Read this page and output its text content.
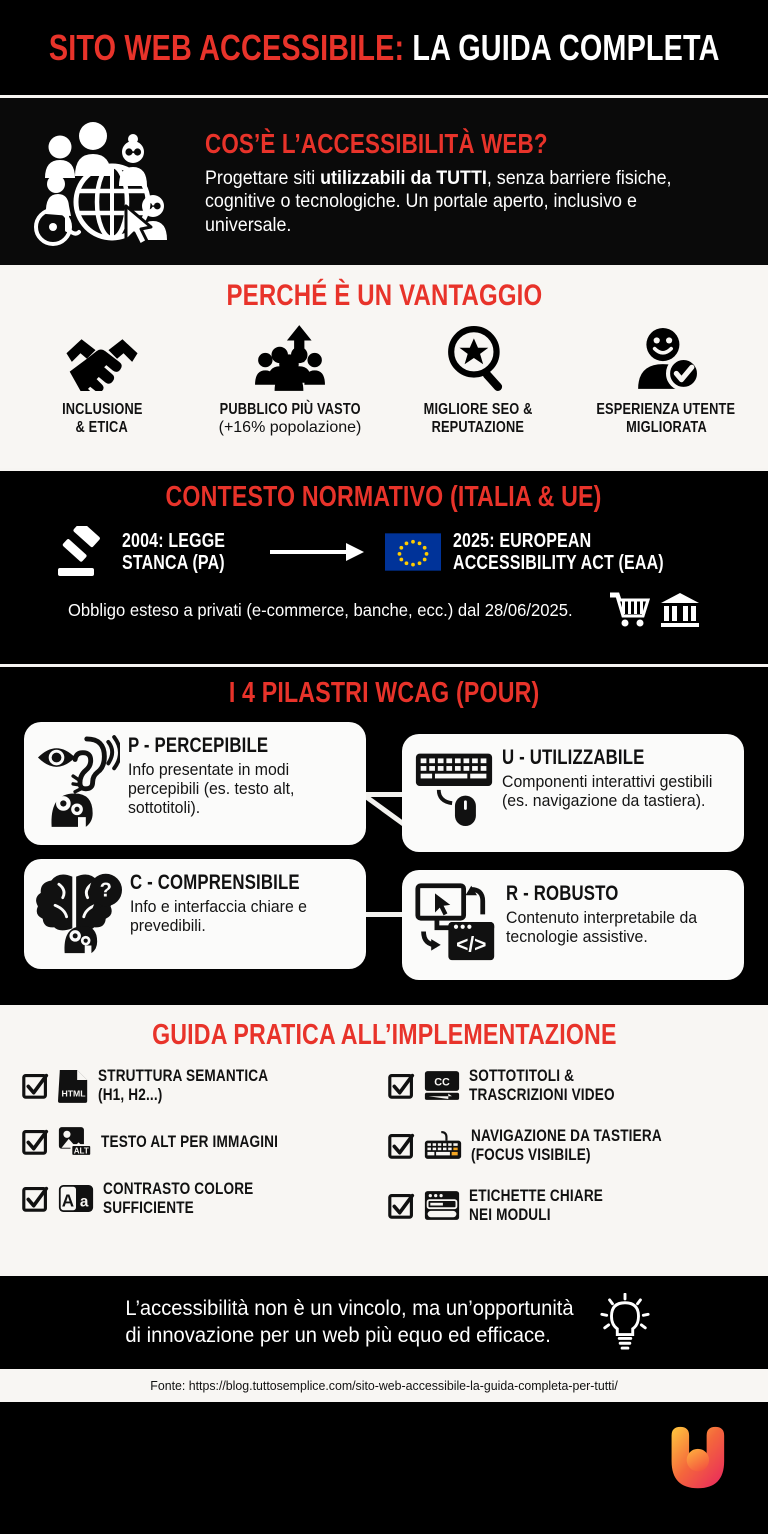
SITO WEB ACCESSIBILE: LA GUIDA COMPLETA
COS’È L’ACCESSIBILITÀ WEB?

Progettare siti utilizzabili da TUTTI, senza barriere fisiche, cognitive o tecnologiche. Un portale aperto, inclusivo e universale.

PERCHÉ È UN VANTAGGIO
INCLUSIONE
& ETICA
PUBBLICO PIÙ VASTO
(+16% popolazione)
MIGLIORE SEO &
REPUTAZIONE
ESPERIENZA UTENTE
MIGLIORATA
CONTESTO NORMATIVO (ITALIA & UE)
2004: LEGGE
STANCA (PA)
2025: EUROPEAN
ACCESSIBILITY ACT (EAA)
Obbligo esteso a privati (e-commerce, banche, ecc.) dal 28/06/2025.
I 4 PILASTRI WCAG (POUR)
P - PERCEPIBILE

Info presentate in modi percepibili (es. testo alt, sottotitoli).

U - UTILIZZABILE

Componenti interattivi gestibili (es. navigazione da tastiera).

? C - COMPRENSIBILE

Info e interfaccia chiare e prevedibili.

</>
R - ROBUSTO

Contenuto interpretabile da tecnologie assistive.

GUIDA PRATICA ALL’IMPLEMENTAZIONE
HTML
STRUTTURA SEMANTICA
(H1, H2...)
ALT
TESTO ALT PER IMMAGINI
A a
CONTRASTO COLORE
SUFFICIENTE
CC SOTTOTITOLI &
TRASCRIZIONI VIDEO
NAVIGAZIONE DA TASTIERA
(FOCUS VISIBILE)
ETICHETTE CHIARE
NEI MODULI
L’accessibilità non è un vincolo, ma un’opportunità
di innovazione per un web più equo ed efficace.
Fonte: https://blog.tuttosemplice.com/sito-web-accessibile-la-guida-completa-per-tutti/
